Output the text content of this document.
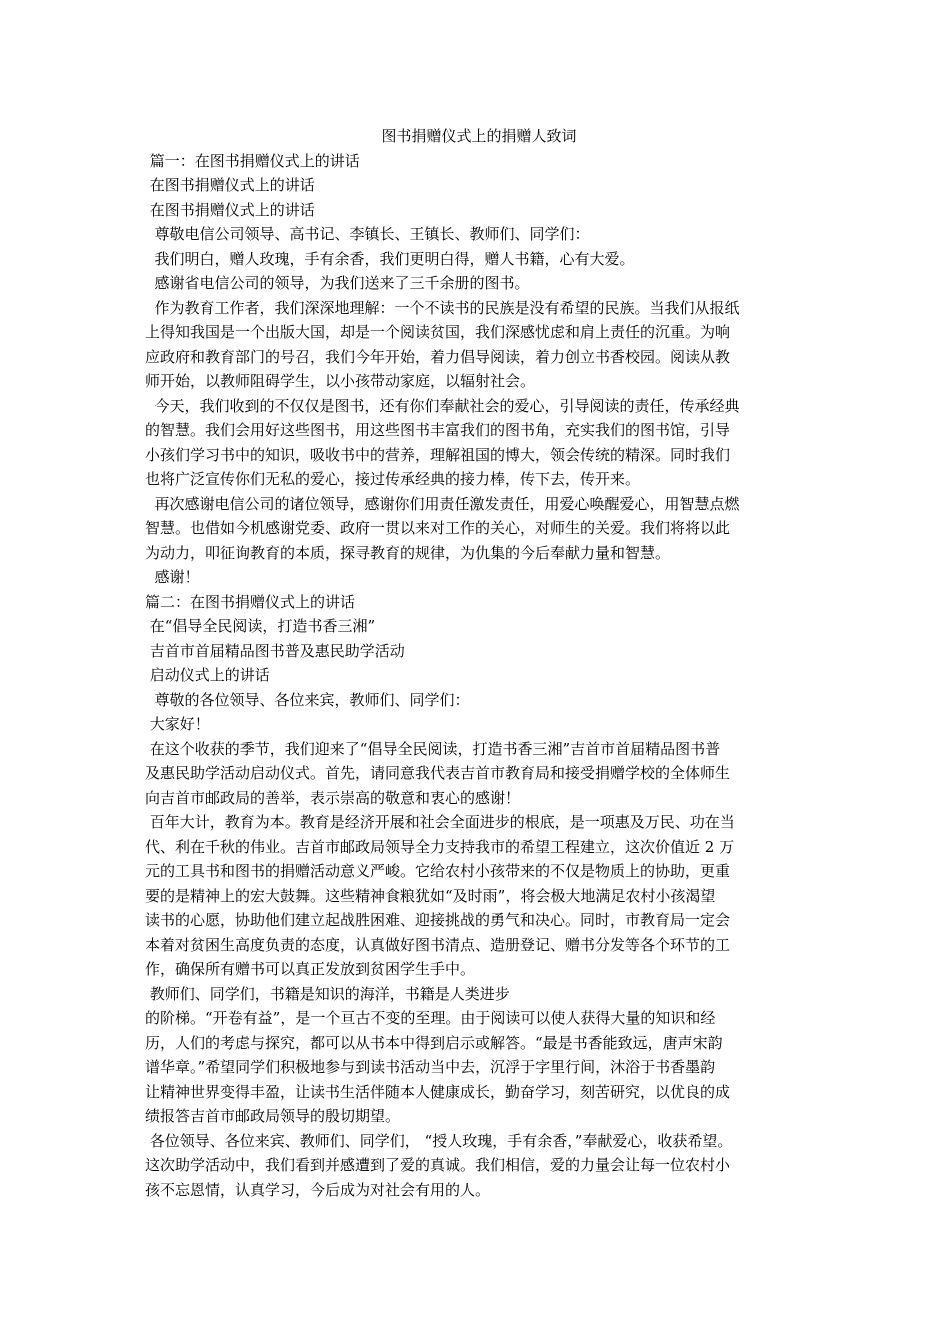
图书捐赠仪式上的捐赠人致词
篇一：在图书捐赠仪式上的讲话
在图书捐赠仪式上的讲话
在图书捐赠仪式上的讲话
尊敬电信公司领导、高书记、李镇长、王镇长、教师们、同学们：
我们明白，赠人玫瑰，手有余香，我们更明白得，赠人书籍，心有大爱。
感谢省电信公司的领导，为我们送来了三千余册的图书。
作为教育工作者，我们深深地理解：一个不读书的民族是没有希望的民族。当我们从报纸
上得知我国是一个出版大国，却是一个阅读贫国，我们深感忧虑和肩上责任的沉重。为响
应政府和教育部门的号召，我们今年开始，着力倡导阅读，着力创立书香校园。阅读从教
师开始，以教师阻碍学生，以小孩带动家庭，以辐射社会。
今天，我们收到的不仅仅是图书，还有你们奉献社会的爱心，引导阅读的责任，传承经典
的智慧。我们会用好这些图书，用这些图书丰富我们的图书角，充实我们的图书馆，引导
小孩们学习书中的知识，吸收书中的营养，理解祖国的博大，领会传统的精深。同时我们
也将广泛宣传你们无私的爱心，接过传承经典的接力棒，传下去，传开来。
再次感谢电信公司的诸位领导，感谢你们用责任激发责任，用爱心唤醒爱心，用智慧点燃
智慧。也借如今机感谢党委、政府一贯以来对工作的关心，对师生的关爱。我们将将以此
为动力，叩征询教育的本质，探寻教育的规律，为仇集的今后奉献力量和智慧。
感谢！
篇二：在图书捐赠仪式上的讲话
在“倡导全民阅读，打造书香三湘”
吉首市首届精品图书普及惠民助学活动
启动仪式上的讲话
尊敬的各位领导、各位来宾，教师们、同学们：
大家好！
在这个收获的季节，我们迎来了“倡导全民阅读，打造书香三湘”吉首市首届精品图书普
及惠民助学活动启动仪式。首先，请同意我代表吉首市教育局和接受捐赠学校的全体师生
向吉首市邮政局的善举，表示崇高的敬意和衷心的感谢！
百年大计，教育为本。教育是经济开展和社会全面进步的根底，是一项惠及万民、功在当
代、利在千秋的伟业。吉首市邮政局领导全力支持我市的希望工程建立，这次价值近 2 万
元的工具书和图书的捐赠活动意义严峻。它给农村小孩带来的不仅是物质上的协助，更重
要的是精神上的宏大鼓舞。这些精神食粮犹如“及时雨”，将会极大地满足农村小孩渴望
读书的心愿，协助他们建立起战胜困难、迎接挑战的勇气和决心。同时，市教育局一定会
本着对贫困生高度负责的态度，认真做好图书清点、造册登记、赠书分发等各个环节的工
作，确保所有赠书可以真正发放到贫困学生手中。
教师们、同学们，书籍是知识的海洋，书籍是人类进步
的阶梯。“开卷有益”，是一个亘古不变的至理。由于阅读可以使人获得大量的知识和经
历，人们的考虑与探究，都可以从书本中得到启示或解答。“最是书香能致远，唐声宋韵
谱华章。”希望同学们积极地参与到读书活动当中去，沉浮于字里行间，沐浴于书香墨韵
让精神世界变得丰盈，让读书生活伴随本人健康成长，勤奋学习，刻苦研究，以优良的成
绩报答吉首市邮政局领导的殷切期望。
各位领导、各位来宾、教师们、同学们， “授人玫瑰，手有余香，”奉献爱心，收获希望。
这次助学活动中，我们看到并感遭到了爱的真诚。我们相信，爱的力量会让每一位农村小
孩不忘恩情，认真学习，今后成为对社会有用的人。
